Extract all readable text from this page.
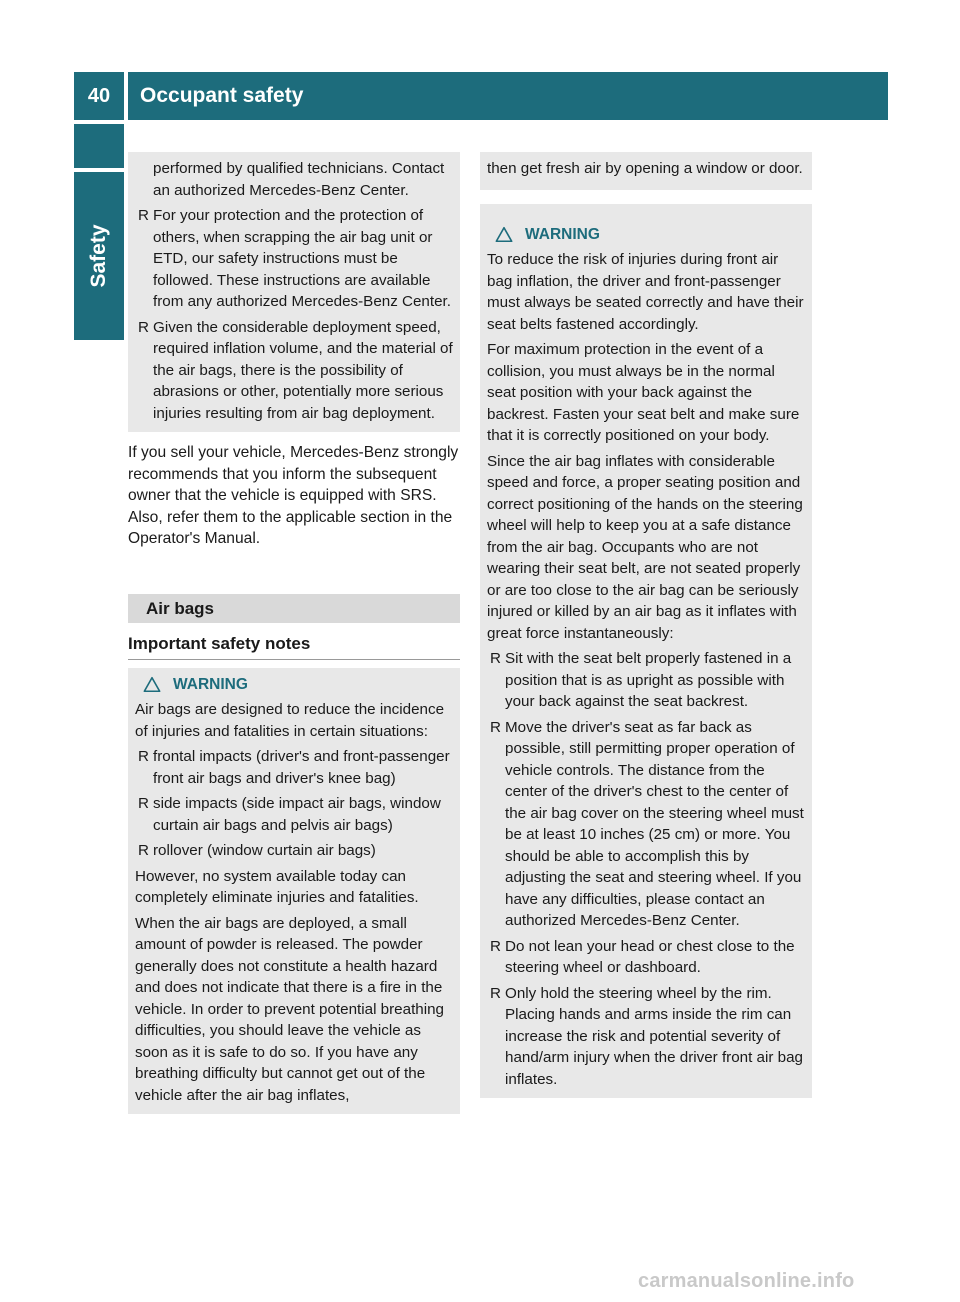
40	Occupant safety
Safety

performed by qualified technicians. Contact an authorized Mercedes-Benz Center.

R For your protection and the protection of others, when scrapping the air bag unit or ETD, our safety instructions must be followed. These instructions are available from any authorized Mercedes-Benz Center.
R Given the considerable deployment speed, required inflation volume, and the material of the air bags, there is the possibility of abrasions or other, potentially more serious injuries resulting from air bag deployment.

If you sell your vehicle, Mercedes-Benz strongly recommends that you inform the subsequent owner that the vehicle is equipped with SRS. Also, refer them to the applicable section in the Operator's Manual.

Air bags
Important safety notes
WARNING

Air bags are designed to reduce the incidence of injuries and fatalities in certain situations:

R frontal impacts (driver's and front-passenger front air bags and driver's knee bag)
R side impacts (side impact air bags, window curtain air bags and pelvis air bags)
R rollover (window curtain air bags)

However, no system available today can completely eliminate injuries and fatalities.

When the air bags are deployed, a small amount of powder is released. The powder generally does not constitute a health hazard and does not indicate that there is a fire in the vehicle. In order to prevent potential breathing difficulties, you should leave the vehicle as soon as it is safe to do so. If you have any breathing difficulty but cannot get out of the vehicle after the air bag inflates,

then get fresh air by opening a window or door.

WARNING

To reduce the risk of injuries during front air bag inflation, the driver and front-passenger must always be seated correctly and have their seat belts fastened accordingly.

For maximum protection in the event of a collision, you must always be in the normal seat position with your back against the backrest. Fasten your seat belt and make sure that it is correctly positioned on your body.

Since the air bag inflates with considerable speed and force, a proper seating position and correct positioning of the hands on the steering wheel will help to keep you at a safe distance from the air bag. Occupants who are not wearing their seat belt, are not seated properly or are too close to the air bag can be seriously injured or killed by an air bag as it inflates with great force instantaneously:

R Sit with the seat belt properly fastened in a position that is as upright as possible with your back against the seat backrest.
R Move the driver's seat as far back as possible, still permitting proper operation of vehicle controls. The distance from the center of the driver's chest to the center of the air bag cover on the steering wheel must be at least 10 inches (25 cm) or more. You should be able to accomplish this by adjusting the seat and steering wheel. If you have any difficulties, please contact an authorized Mercedes-Benz Center.
R Do not lean your head or chest close to the steering wheel or dashboard.
R Only hold the steering wheel by the rim. Placing hands and arms inside the rim can increase the risk and potential severity of hand/arm injury when the driver front air bag inflates.
carmanualsonline.info
